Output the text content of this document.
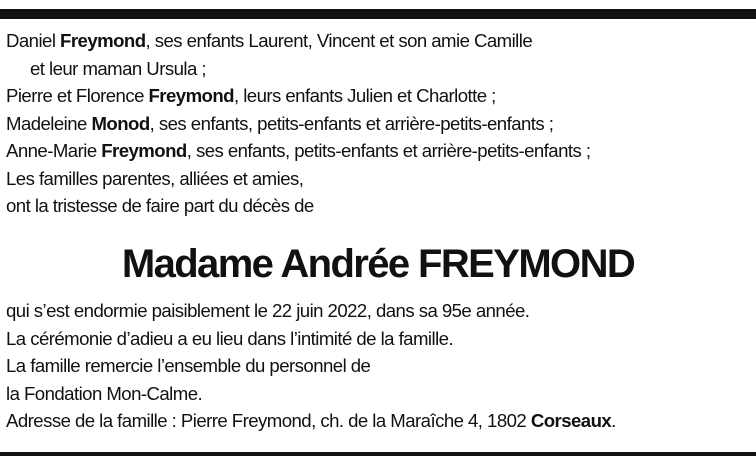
Daniel Freymond, ses enfants Laurent, Vincent et son amie Camille
et leur maman Ursula ;
Pierre et Florence Freymond, leurs enfants Julien et Charlotte ;
Madeleine Monod, ses enfants, petits-enfants et arrière-petits-enfants ;
Anne-Marie Freymond, ses enfants, petits-enfants et arrière-petits-enfants ;
Les familles parentes, alliées et amies,
ont la tristesse de faire part du décès de
Madame Andrée FREYMOND
qui s’est endormie paisiblement le 22 juin 2022, dans sa 95e année.
La cérémonie d’adieu a eu lieu dans l’intimité de la famille.
La famille remercie l’ensemble du personnel de
la Fondation Mon-Calme.
Adresse de la famille : Pierre Freymond, ch. de la Maraîche 4, 1802 Corseaux.
